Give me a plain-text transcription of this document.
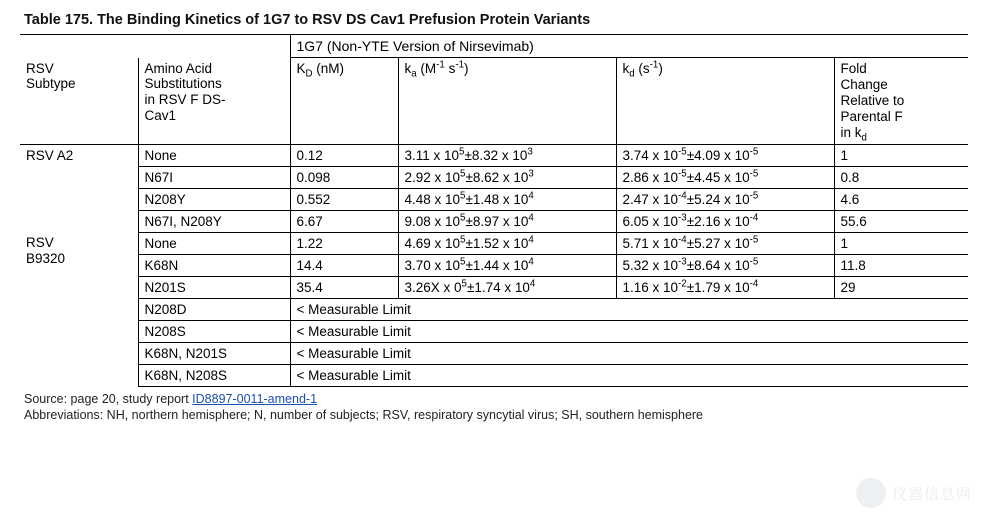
Table 175. The Binding Kinetics of 1G7 to RSV DS Cav1 Prefusion Protein Variants
		1G7 (Non-YTE Version of Nirsevimab)			
RSV
Subtype	Amino Acid
Substitutions
in RSV F DS-
Cav1	$K_D$ (nM)	$k_a$ ($M^{-1}$ $s^{-1}$)	$k_d$ $(s^{-1})$	Fold
Change
Relative to
Parental F
in $k_d$
RSV A2	None	0.12	3.11 x $10^5\pm 8.32$ x $10^3$	3.74 x $10^{-5}\pm 4.09$ x $10^{-5}$	1
	N67I	0.098	2.92 x $10^5\pm 8.62$ x $10^3$	2.86 x $10^{-5}\pm 4.45$ x $10^{-5}$	0.8
	N208Y	0.552	4.48 x $10^5\pm 1.48$ x $10^4$	2.47 x $10^{-4}\pm 5.24$ x $10^{-5}$	4.6
	N67I, N208Y	6.67	9.08 x $10^5\pm 8.97$ x $10^4$	6.05 x $10^{-3}\pm 2.16$ x $10^{-4}$	55.6
RSV
B9320	None	1.22	4.69 x $10^5\pm 1.52$ x $10^4$	5.71 x $10^{-4}\pm 5.27$ x $10^{-5}$	1
	K68N	14.4	3.70 x $10^5\pm 1.44$ x $10^4$	5.32 x $10^{-3}\pm 8.64$ x $10^{-5}$	11.8
	N201S	35.4	3.26X x $0^5\pm 1.74$ x $10^4$	1.16 x $10^{-2}\pm 1.79$ x $10^{-4}$	29
	N208D	< Measurable Limit			
	N208S	< Measurable Limit			
	K68N, N201S	< Measurable Limit			
	K68N, N208S	< Measurable Limit			
Source: page 20, study report ID8897-0011-amend-1
Abbreviations: NH, northern hemisphere; N, number of subjects; RSV, respiratory syncytial virus; SH, southern hemisphere
仪器信息网
